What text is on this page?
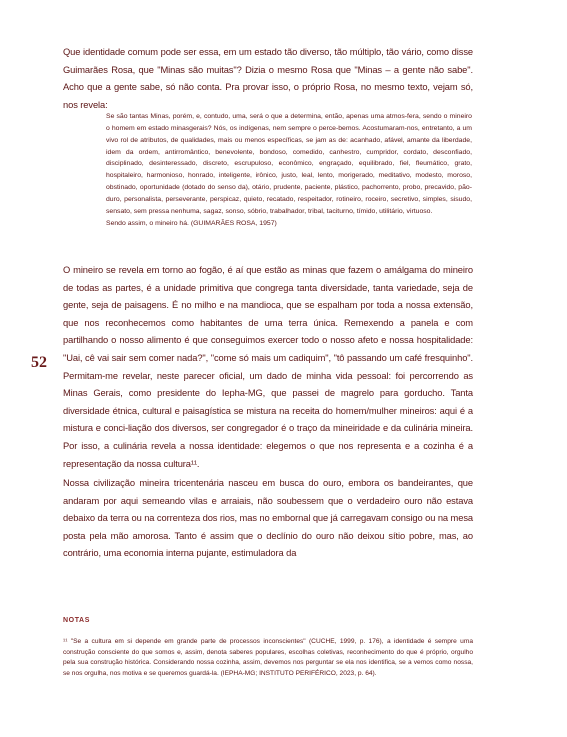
Que identidade comum pode ser essa, em um estado tão diverso, tão múltiplo, tão vário, como disse Guimarães Rosa, que "Minas são muitas"? Dizia o mesmo Rosa que "Minas – a gente não sabe". Acho que a gente sabe, só não conta. Pra provar isso, o próprio Rosa, no mesmo texto, vejam só, nos revela:

Se são tantas Minas, porém, e, contudo, uma, será o que a determina, então, apenas uma atmos-fera, sendo o mineiro o homem em estado minasgerais? Nós, os indígenas, nem sempre o perce-bemos. Acostumaram-nos, entretanto, a um vivo rol de atributos, de qualidades, mais ou menos específicas, se jam as de: acanhado, afável, amante da liberdade, idem da ordem, antirromântico, benevolente, bondoso, comedido, canhestro, cumpridor, cordato, desconfiado, disciplinado, desinteressado, discreto, escrupuloso, econômico, engraçado, equilibrado, fiel, fleumático, grato, hospitaleiro, harmonioso, honrado, inteligente, irônico, justo, leal, lento, morigerado, meditativo, modesto, moroso, obstinado, oportunidade (dotado do senso da), otário, prudente, paciente, plástico, pachorrento, probo, precavido, pão-duro, personalista, perseverante, perspicaz, quieto, recatado, respeitador, rotineiro, roceiro, secretivo, simples, sisudo, sensato, sem pressa nenhuma, sagaz, sonso, sóbrio, trabalhador, tribal, taciturno, tímido, utilitário, virtuoso.
Sendo assim, o mineiro há. (GUIMARÃES ROSA, 1957)

52

O mineiro se revela em torno ao fogão, é aí que estão as minas que fazem o amálgama do mineiro de todas as partes, é a unidade primitiva que congrega tanta diversidade, tanta variedade, seja de gente, seja de paisagens. É no milho e na mandioca, que se espalham por toda a nossa extensão, que nos reconhecemos como habitantes de uma terra única. Remexendo a panela e com partilhando o nosso alimento é que conseguimos exercer todo o nosso afeto e nossa hospitalidade: "Uai, cê vai sair sem comer nada?", "come só mais um cadiquim", "tô passando um café fresquinho". Permitam-me revelar, neste parecer oficial, um dado de minha vida pessoal: foi percorrendo as Minas Gerais, como presidente do Iepha-MG, que passei de magrelo para gorducho. Tanta diversidade étnica, cultural e paisagística se mistura na receita do homem/mulher mineiros: aqui é a mistura e conci-liação dos diversos, ser congregador é o traço da mineiridade e da culinária mineira. Por isso, a culinária revela a nossa identidade: elegemos o que nos representa e a cozinha é a representação da nossa cultura¹¹.

Nossa civilização mineira tricentenária nasceu em busca do ouro, embora os bandeirantes, que andaram por aqui semeando vilas e arraiais, não soubessem que o verdadeiro ouro não estava debaixo da terra ou na correnteza dos rios, mas no embornal que já carregavam consigo ou na mesa posta pela mão amorosa. Tanto é assim que o declínio do ouro não deixou sítio pobre, mas, ao contrário, uma economia interna pujante, estimuladora da

NOTAS

¹¹ "Se a cultura em si depende em grande parte de processos inconscientes" (CUCHE, 1999, p. 176), a identidade é sempre uma construção consciente do que somos e, assim, denota saberes populares, escolhas coletivas, reconhecimento do que é próprio, orgulho pela sua construção histórica. Considerando nossa cozinha, assim, devemos nos perguntar se ela nos identifica, se a vemos como nossa, se nos orgulha, nos motiva e se queremos guardá-la. (IEPHA-MG; INSTITUTO PERIFÉRICO, 2023, p. 64).
